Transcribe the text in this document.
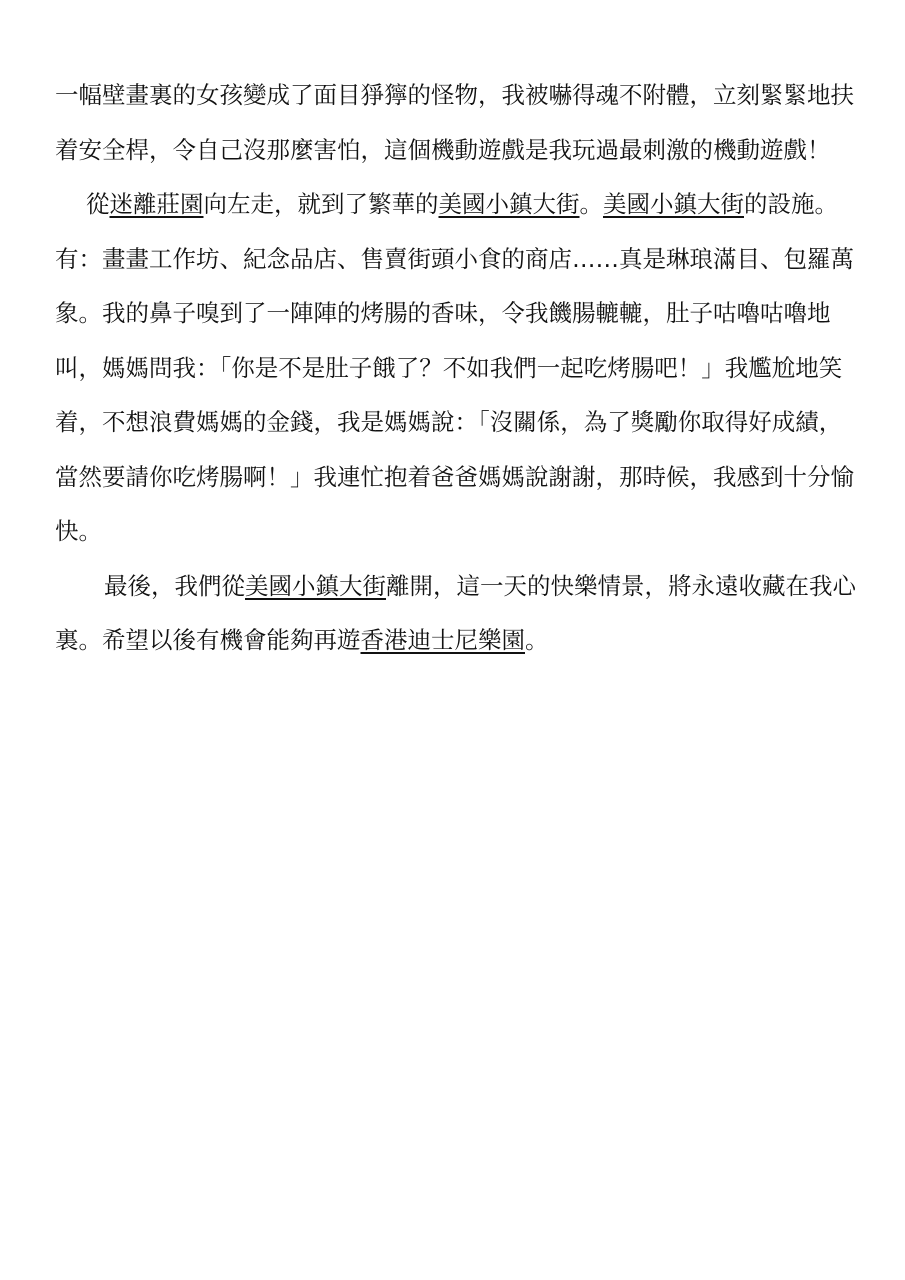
一幅壁畫裏的女孩變成了面目猙獰的怪物，我被嚇得魂不附體，立刻緊緊地扶着安全桿，令自己沒那麼害怕，這個機動遊戲是我玩過最刺激的機動遊戲！

從迷離莊園向左走，就到了繁華的美國小鎮大街。美國小鎮大街的設施。有：畫畫工作坊、紀念品店、售賣街頭小食的商店……真是琳琅滿目、包羅萬象。我的鼻子嗅到了一陣陣的烤腸的香味，令我饑腸轆轆，肚子咕嚕咕嚕地叫，媽媽問我：「你是不是肚子餓了？不如我們一起吃烤腸吧！」我尷尬地笑着，不想浪費媽媽的金錢，我是媽媽說：「沒關係，為了獎勵你取得好成績，當然要請你吃烤腸啊！」我連忙抱着爸爸媽媽說謝謝，那時候，我感到十分愉快。

最後，我們從美國小鎮大街離開，這一天的快樂情景，將永遠收藏在我心裏。希望以後有機會能夠再遊香港迪士尼樂園。
